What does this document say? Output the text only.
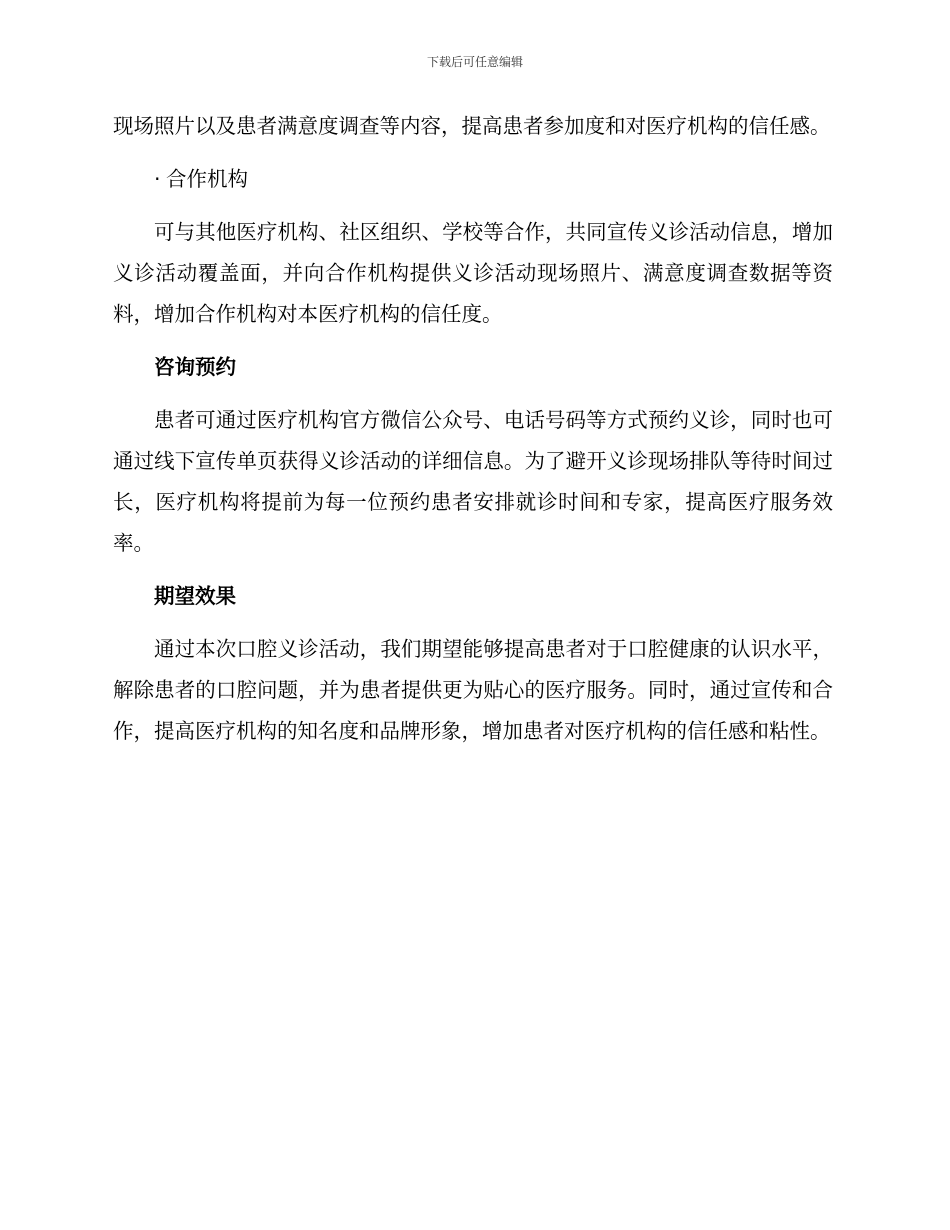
下载后可任意编辑

现场照片以及患者满意度调查等内容，提高患者参加度和对医疗机构的信任感。

· 合作机构

可与其他医疗机构、社区组织、学校等合作，共同宣传义诊活动信息，增加义诊活动覆盖面，并向合作机构提供义诊活动现场照片、满意度调查数据等资料，增加合作机构对本医疗机构的信任度。

咨询预约

患者可通过医疗机构官方微信公众号、电话号码等方式预约义诊，同时也可通过线下宣传单页获得义诊活动的详细信息。为了避开义诊现场排队等待时间过长，医疗机构将提前为每一位预约患者安排就诊时间和专家，提高医疗服务效率。

期望效果

通过本次口腔义诊活动，我们期望能够提高患者对于口腔健康的认识水平，解除患者的口腔问题，并为患者提供更为贴心的医疗服务。同时，通过宣传和合作，提高医疗机构的知名度和品牌形象，增加患者对医疗机构的信任感和粘性。
